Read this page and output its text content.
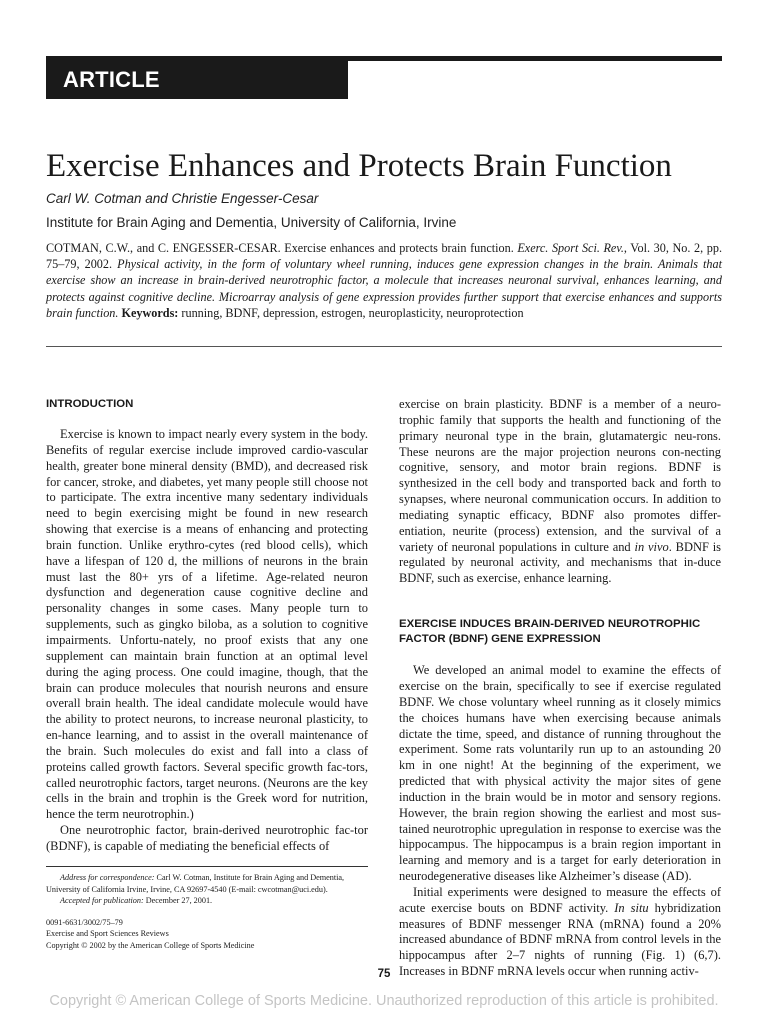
ARTICLE
Exercise Enhances and Protects Brain Function
Carl W. Cotman and Christie Engesser-Cesar
Institute for Brain Aging and Dementia, University of California, Irvine

COTMAN, C.W., and C. ENGESSER-CESAR. Exercise enhances and protects brain function. Exerc. Sport Sci. Rev., Vol. 30, No. 2, pp. 75–79, 2002. Physical activity, in the form of voluntary wheel running, induces gene expression changes in the brain. Animals that exercise show an increase in brain-derived neurotrophic factor, a molecule that increases neuronal survival, enhances learning, and protects against cognitive decline. Microarray analysis of gene expression provides further support that exercise enhances and supports brain function. Keywords: running, BDNF, depression, estrogen, neuroplasticity, neuroprotection

INTRODUCTION

Exercise is known to impact nearly every system in the body. Benefits of regular exercise include improved cardio-vascular health, greater bone mineral density (BMD), and decreased risk for cancer, stroke, and diabetes, yet many people still choose not to participate. The extra incentive many sedentary individuals need to begin exercising might be found in new research showing that exercise is a means of enhancing and protecting brain function. Unlike erythro-cytes (red blood cells), which have a lifespan of 120 d, the millions of neurons in the brain must last the 80+ yrs of a lifetime. Age-related neuron dysfunction and degeneration cause cognitive decline and personality changes in some cases. Many people turn to supplements, such as gingko biloba, as a solution to cognitive impairments. Unfortu-nately, no proof exists that any one supplement can maintain brain function at an optimal level during the aging process. One could imagine, though, that the brain can produce molecules that nourish neurons and ensure overall brain health. The ideal candidate molecule would have the ability to protect neurons, to increase neuronal plasticity, to en-hance learning, and to assist in the overall maintenance of the brain. Such molecules do exist and fall into a class of proteins called growth factors. Several specific growth fac-tors, called neurotrophic factors, target neurons. (Neurons are the key cells in the brain and trophin is the Greek word for nutrition, hence the term neurotrophin.)

One neurotrophic factor, brain-derived neurotrophic fac-tor (BDNF), is capable of mediating the beneficial effects of

exercise on brain plasticity. BDNF is a member of a neuro-trophic family that supports the health and functioning of the primary neuronal type in the brain, glutamatergic neu-rons. These neurons are the major projection neurons con-necting cognitive, sensory, and motor brain regions. BDNF is synthesized in the cell body and transported back and forth to synapses, where neuronal communication occurs. In addition to mediating synaptic efficacy, BDNF also promotes differ-entiation, neurite (process) extension, and the survival of a variety of neuronal populations in culture and in vivo. BDNF is regulated by neuronal activity, and mechanisms that in-duce BDNF, such as exercise, enhance learning.

EXERCISE INDUCES BRAIN-DERIVED NEUROTROPHIC FACTOR (BDNF) GENE EXPRESSION

We developed an animal model to examine the effects of exercise on the brain, specifically to see if exercise regulated BDNF. We chose voluntary wheel running as it closely mimics the choices humans have when exercising because animals dictate the time, speed, and distance of running throughout the experiment. Some rats voluntarily run up to an astounding 20 km in one night! At the beginning of the experiment, we predicted that with physical activity the major sites of gene induction in the brain would be in motor and sensory regions. However, the brain region showing the earliest and most sus-tained neurotrophic upregulation in response to exercise was the hippocampus. The hippocampus is a brain region important in learning and memory and is a target for early deterioration in neurodegenerative diseases like Alzheimer’s disease (AD).

Initial experiments were designed to measure the effects of acute exercise bouts on BDNF activity. In situ hybridization measures of BDNF messenger RNA (mRNA) found a 20% increased abundance of BDNF mRNA from control levels in the hippocampus after 2–7 nights of running (Fig. 1) (6,7). Increases in BDNF mRNA levels occur when running activ-

Address for correspondence: Carl W. Cotman, Institute for Brain Aging and Dementia, University of California Irvine, Irvine, CA 92697-4540 (E-mail: cwcotman@uci.edu).

Accepted for publication: December 27, 2001.

0091-6631/3002/75–79

Exercise and Sport Sciences Reviews

Copyright © 2002 by the American College of Sports Medicine

75
Copyright © American College of Sports Medicine. Unauthorized reproduction of this article is prohibited.
